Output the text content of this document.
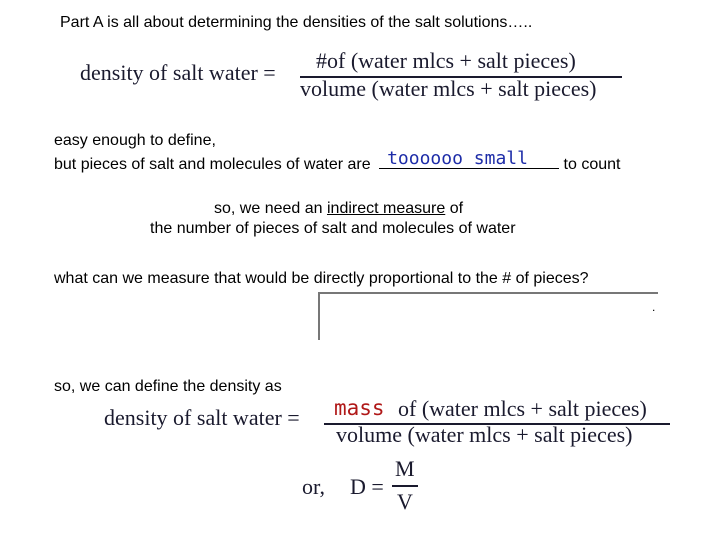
Part A is all about determining the densities of the salt solutions…..
density of salt water = #of (water mlcs + salt pieces)
volume (water mlcs + salt pieces)
easy enough to define,
but pieces of salt and molecules of water are toooooo small to count
so, we need an indirect measure of
the number of pieces of salt and molecules of water
what can we measure that would be directly proportional to the # of pieces?
.
so, we can define the density as
density of salt water = mass of (water mlcs + salt pieces)
volume (water mlcs + salt pieces)
or, D =
M
V
